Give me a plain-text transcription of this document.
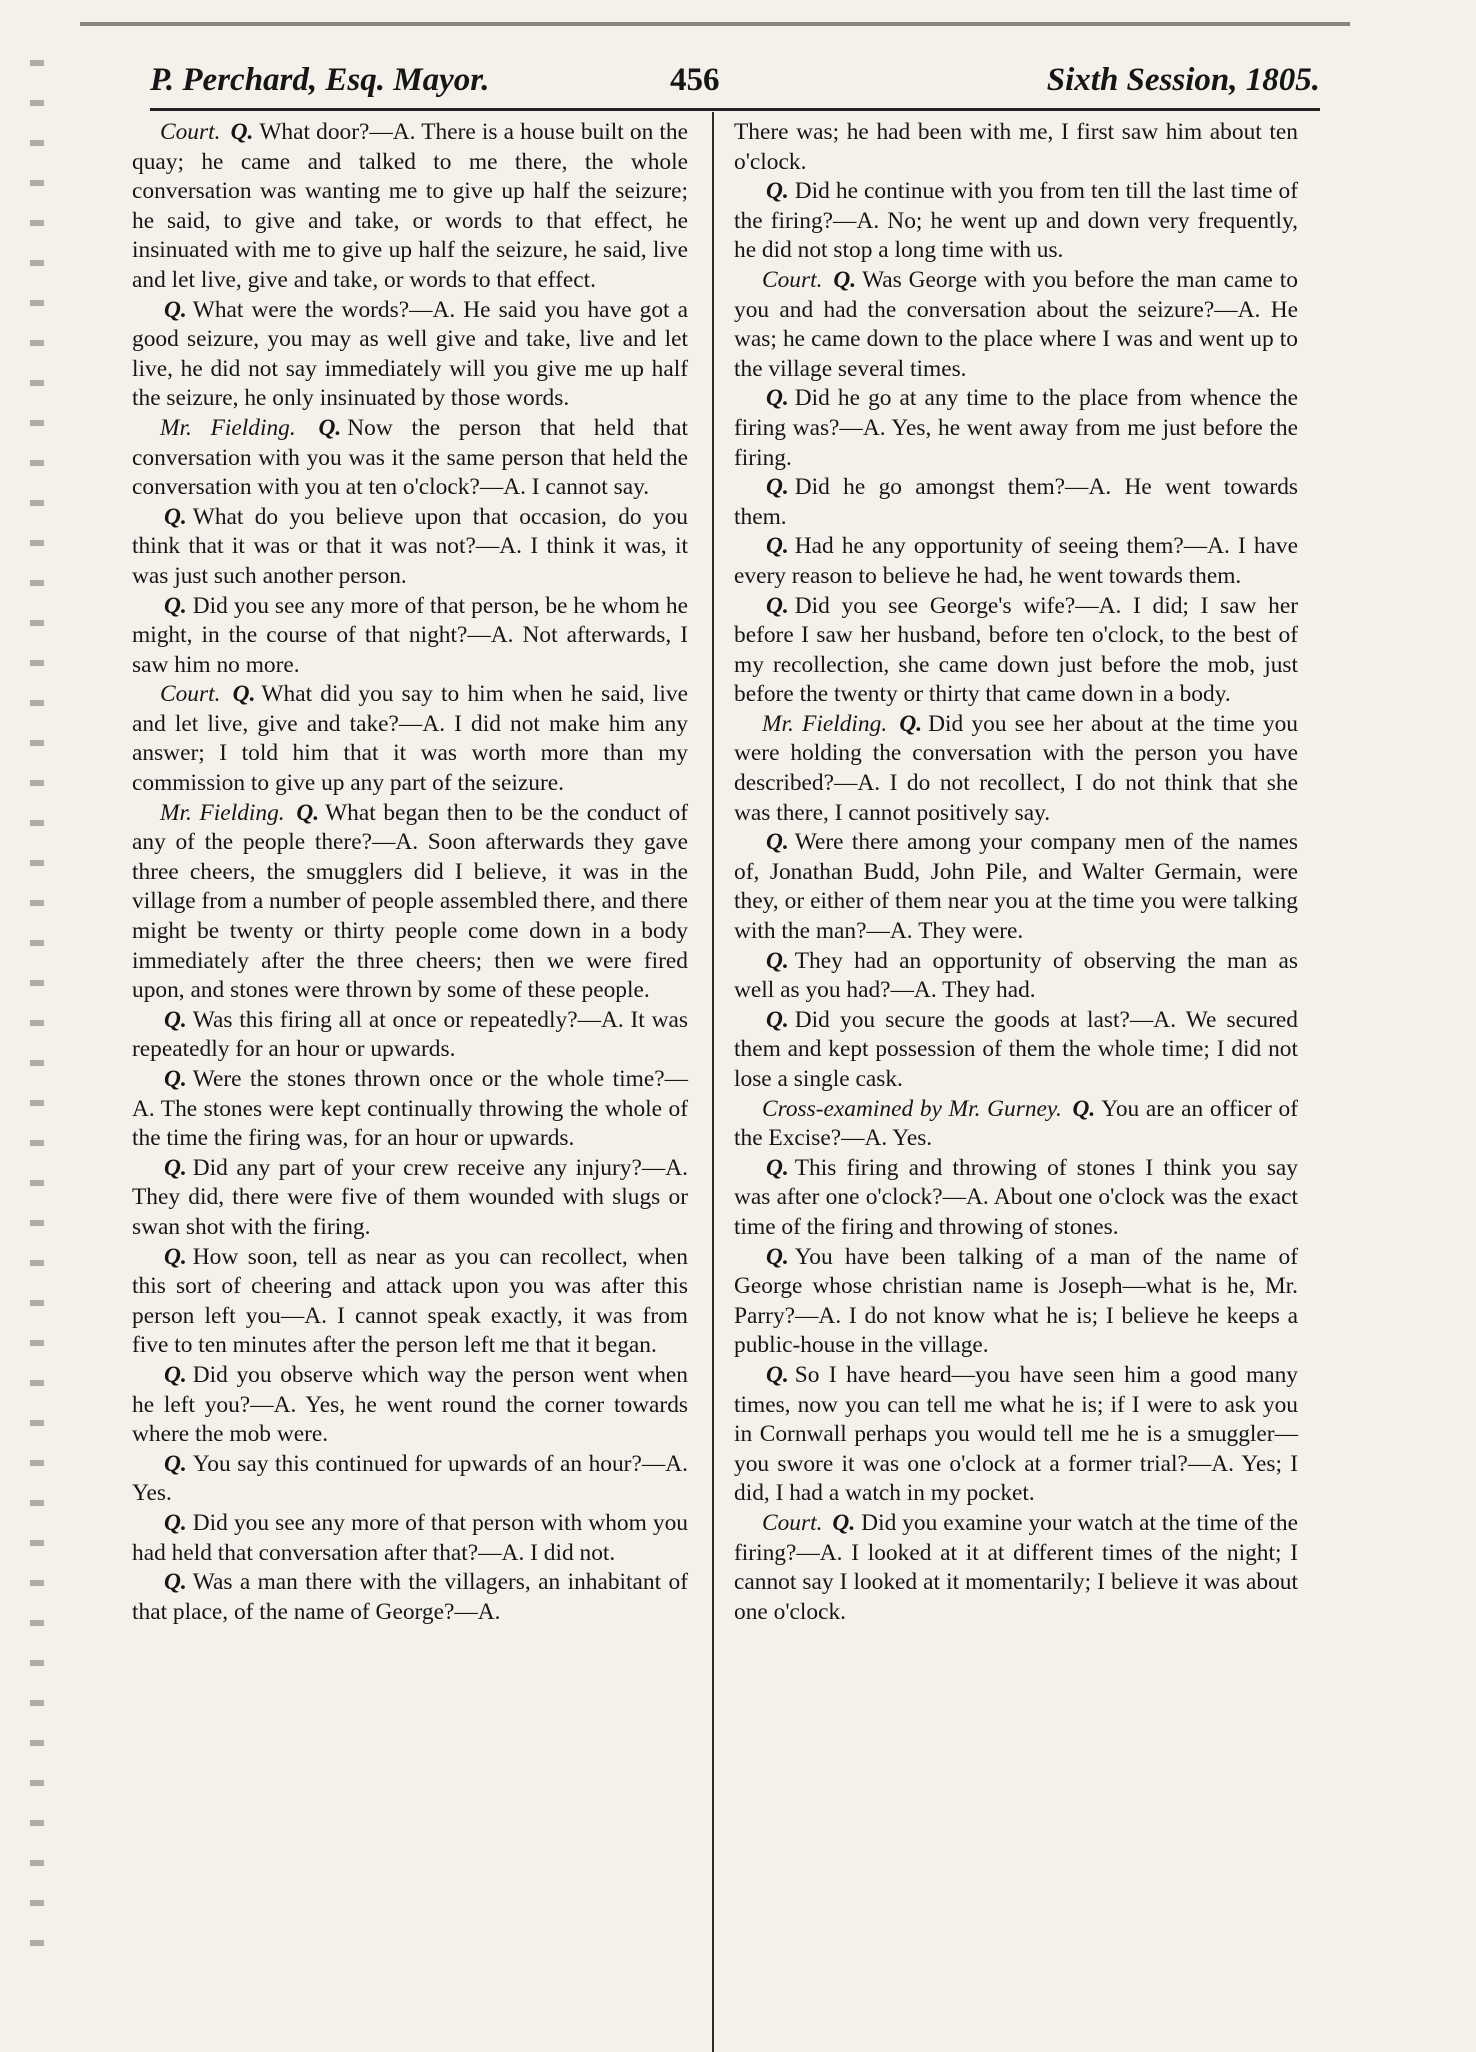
P. Perchard, Esq. Mayor.	456	Sixth Session, 1805.

Court. Q. What door?—A. There is a house built on the quay; he came and talked to me there, the whole conversation was wanting me to give up half the seizure; he said, to give and take, or words to that effect, he insinuated with me to give up half the seizure, he said, live and let live, give and take, or words to that effect.

Q. What were the words?—A. He said you have got a good seizure, you may as well give and take, live and let live, he did not say immediately will you give me up half the seizure, he only insinuated by those words.

Mr. Fielding. Q. Now the person that held that conversation with you was it the same person that held the conversation with you at ten o'clock?—A. I cannot say.

Q. What do you believe upon that occasion, do you think that it was or that it was not?—A. I think it was, it was just such another person.

Q. Did you see any more of that person, be he whom he might, in the course of that night?—A. Not afterwards, I saw him no more.

Court. Q. What did you say to him when he said, live and let live, give and take?—A. I did not make him any answer; I told him that it was worth more than my commission to give up any part of the seizure.

Mr. Fielding. Q. What began then to be the conduct of any of the people there?—A. Soon afterwards they gave three cheers, the smugglers did I believe, it was in the village from a number of people assembled there, and there might be twenty or thirty people come down in a body immediately after the three cheers; then we were fired upon, and stones were thrown by some of these people.

Q. Was this firing all at once or repeatedly?—A. It was repeatedly for an hour or upwards.

Q. Were the stones thrown once or the whole time?—A. The stones were kept continually throwing the whole of the time the firing was, for an hour or upwards.

Q. Did any part of your crew receive any injury?—A. They did, there were five of them wounded with slugs or swan shot with the firing.

Q. How soon, tell as near as you can recollect, when this sort of cheering and attack upon you was after this person left you—A. I cannot speak exactly, it was from five to ten minutes after the person left me that it began.

Q. Did you observe which way the person went when he left you?—A. Yes, he went round the corner towards where the mob were.

Q. You say this continued for upwards of an hour?—A. Yes.

Q. Did you see any more of that person with whom you had held that conversation after that?—A. I did not.

Q. Was a man there with the villagers, an inhabitant of that place, of the name of George?—A.

There was; he had been with me, I first saw him about ten o'clock.

Q. Did he continue with you from ten till the last time of the firing?—A. No; he went up and down very frequently, he did not stop a long time with us.

Court. Q. Was George with you before the man came to you and had the conversation about the seizure?—A. He was; he came down to the place where I was and went up to the village several times.

Q. Did he go at any time to the place from whence the firing was?—A. Yes, he went away from me just before the firing.

Q. Did he go amongst them?—A. He went towards them.

Q. Had he any opportunity of seeing them?—A. I have every reason to believe he had, he went towards them.

Q. Did you see George's wife?—A. I did; I saw her before I saw her husband, before ten o'clock, to the best of my recollection, she came down just before the mob, just before the twenty or thirty that came down in a body.

Mr. Fielding. Q. Did you see her about at the time you were holding the conversation with the person you have described?—A. I do not recollect, I do not think that she was there, I cannot positively say.

Q. Were there among your company men of the names of, Jonathan Budd, John Pile, and Walter Germain, were they, or either of them near you at the time you were talking with the man?—A. They were.

Q. They had an opportunity of observing the man as well as you had?—A. They had.

Q. Did you secure the goods at last?—A. We secured them and kept possession of them the whole time; I did not lose a single cask.

Cross-examined by Mr. Gurney. Q. You are an officer of the Excise?—A. Yes.

Q. This firing and throwing of stones I think you say was after one o'clock?—A. About one o'clock was the exact time of the firing and throwing of stones.

Q. You have been talking of a man of the name of George whose christian name is Joseph—what is he, Mr. Parry?—A. I do not know what he is; I believe he keeps a public-house in the village.

Q. So I have heard—you have seen him a good many times, now you can tell me what he is; if I were to ask you in Cornwall perhaps you would tell me he is a smuggler—you swore it was one o'clock at a former trial?—A. Yes; I did, I had a watch in my pocket.

Court. Q. Did you examine your watch at the time of the firing?—A. I looked at it at different times of the night; I cannot say I looked at it momentarily; I believe it was about one o'clock.
